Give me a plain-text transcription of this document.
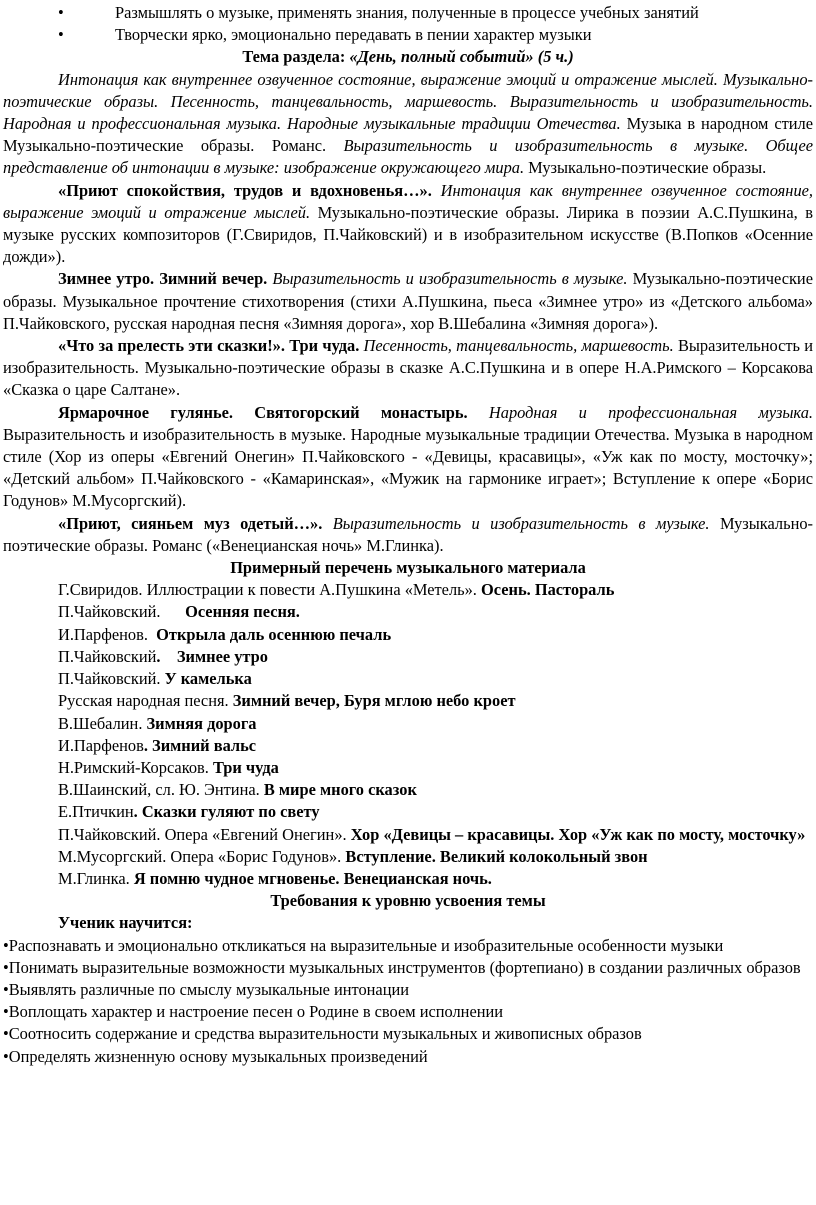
•	Размышлять о музыке, применять знания, полученные в процессе учебных занятий
•	Творчески ярко, эмоционально передавать в пении характер музыки

Тема раздела: «День, полный событий» (5 ч.)

Интонация как внутреннее озвученное состояние, выражение эмоций и отражение мыслей. Музыкально-поэтические образы. Песенность, танцевальность, маршевость. Выразительность и изобразительность. Народная и профессиональная музыка. Народные музыкальные традиции Отечества. Музыка в народном стиле Музыкально-поэтические образы. Романс. Выразительность и изобразительность в музыке. Общее представление об интонации в музыке: изображение окружающего мира. Музыкально-поэтические образы.

«Приют спокойствия, трудов и вдохновенья…». Интонация как внутреннее озвученное состояние, выражение эмоций и отражение мыслей. Музыкально-поэтические образы. Лирика в поэзии А.С.Пушкина, в музыке русских композиторов (Г.Свиридов, П.Чайковский) и в изобразительном искусстве (В.Попков «Осенние дожди»).

Зимнее утро. Зимний вечер. Выразительность и изобразительность в музыке. Музыкально-поэтические образы. Музыкальное прочтение стихотворения (стихи А.Пушкина, пьеса «Зимнее утро» из «Детского альбома» П.Чайковского, русская народная песня «Зимняя дорога», хор В.Шебалина «Зимняя дорога»).

«Что за прелесть эти сказки!». Три чуда. Песенность, танцевальность, маршевость. Выразительность и изобразительность. Музыкально-поэтические образы в сказке А.С.Пушкина и в опере Н.А.Римского – Корсакова «Сказка о царе Салтане».

Ярмарочное гулянье. Святогорский монастырь. Народная и профессиональная музыка. Выразительность и изобразительность в музыке. Народные музыкальные традиции Отечества. Музыка в народном стиле (Хор из оперы «Евгений Онегин» П.Чайковского - «Девицы, красавицы», «Уж как по мосту, мосточку»; «Детский альбом» П.Чайковского - «Камаринская», «Мужик на гармонике играет»; Вступление к опере «Борис Годунов» М.Мусоргский).

«Приют, сияньем муз одетый…». Выразительность и изобразительность в музыке. Музыкально-поэтические образы. Романс («Венецианская ночь» М.Глинка).

Примерный перечень музыкального материала

Г.Свиридов. Иллюстрации к повести А.Пушкина «Метель». Осень. Пастораль

П.Чайковский.      Осенняя песня.

И.Парфенов.  Открыла даль осеннюю печаль

П.Чайковский.    Зимнее утро

П.Чайковский. У камелька

Русская народная песня. Зимний вечер, Буря мглою небо кроет

В.Шебалин. Зимняя дорога

И.Парфенов. Зимний вальс

Н.Римский-Корсаков. Три чуда

В.Шаинский, сл. Ю. Энтина. В мире много сказок

Е.Птичкин. Сказки гуляют по свету

П.Чайковский. Опера «Евгений Онегин». Хор «Девицы – красавицы. Хор «Уж как по мосту, мосточку»

М.Мусоргский. Опера «Борис Годунов». Вступление. Великий колокольный звон

М.Глинка. Я помню чудное мгновенье. Венецианская ночь.

Требования к уровню усвоения темы

Ученик научится:

•Распознавать и эмоционально откликаться на выразительные и изобразительные особенности музыки

•Понимать выразительные возможности музыкальных инструментов (фортепиано) в создании различных образов

•Выявлять различные по смыслу музыкальные интонации

•Воплощать характер и настроение песен о Родине в своем исполнении

•Соотносить содержание и средства выразительности музыкальных и живописных образов

•Определять жизненную основу музыкальных произведений
